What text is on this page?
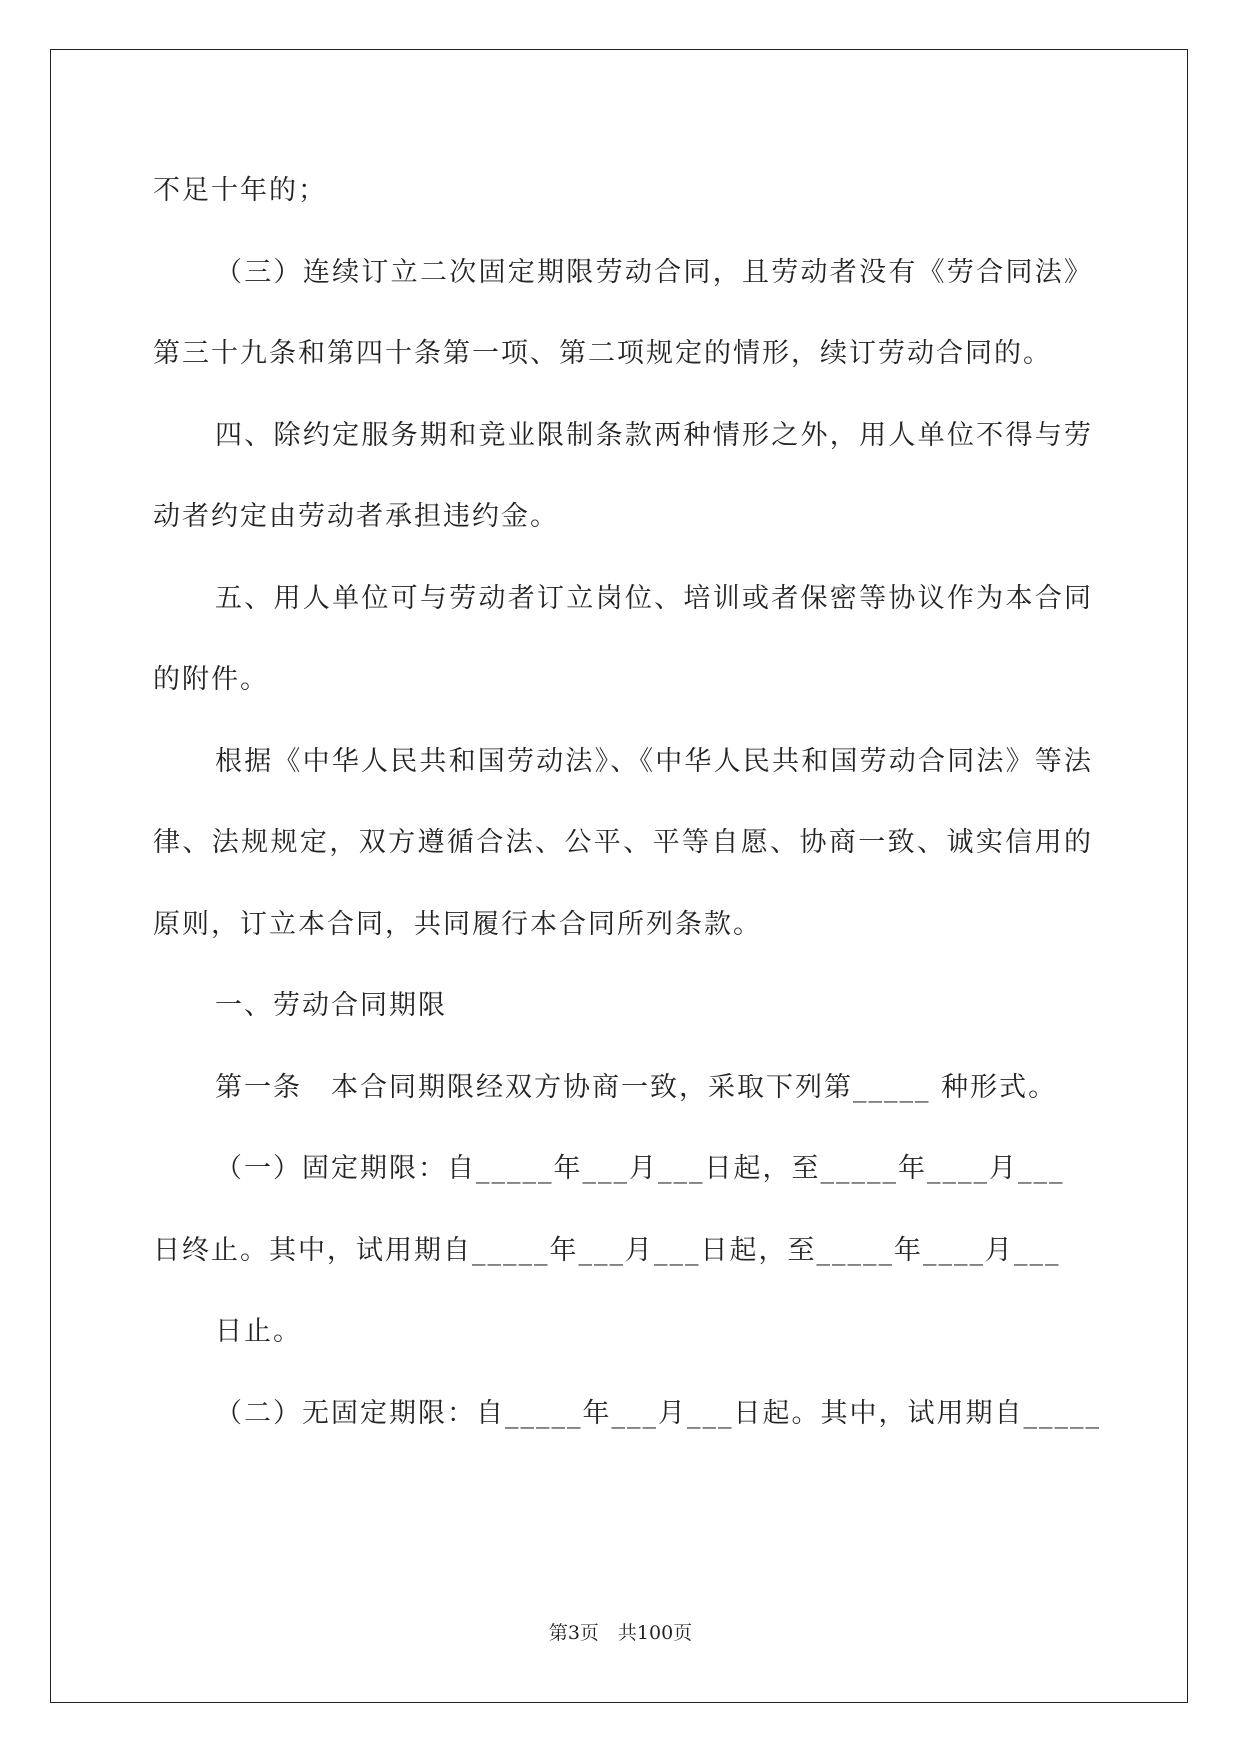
不足十年的；

（三）连续订立二次固定期限劳动合同，且劳动者没有《劳合同法》第三十九条和第四十条第一项、第二项规定的情形，续订劳动合同的。

四、除约定服务期和竞业限制条款两种情形之外，用人单位不得与劳动者约定由劳动者承担违约金。

五、用人单位可与劳动者订立岗位、培训或者保密等协议作为本合同的附件。

根据《中华人民共和国劳动法》、《中华人民共和国劳动合同法》等法律、法规规定，双方遵循合法、公平、平等自愿、协商一致、诚实信用的原则，订立本合同，共同履行本合同所列条款。

一、劳动合同期限

第一条　本合同期限经双方协商一致，采取下列第_____ 种形式。

（一）固定期限：自_____年___月___日起，至_____年____月___
日终止。其中，试用期自_____年___月___日起，至_____年____月___
日止。
（二）无固定期限：自_____年___月___日起。其中，试用期自_____
第3页　共100页
